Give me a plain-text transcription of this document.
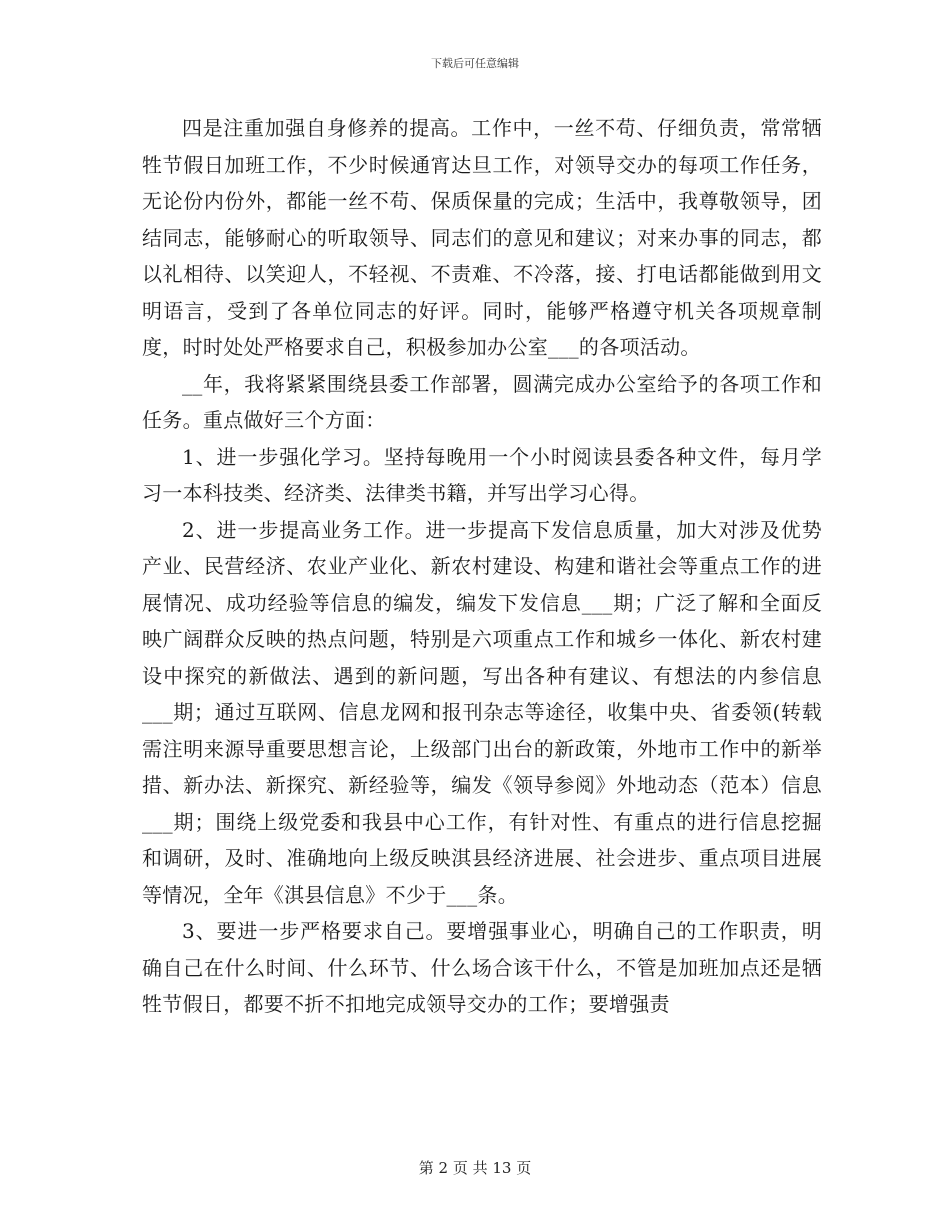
下载后可任意编辑

四是注重加强自身修养的提高。工作中，一丝不苟、仔细负责，常常牺牲节假日加班工作，不少时候通宵达旦工作，对领导交办的每项工作任务，无论份内份外，都能一丝不苟、保质保量的完成；生活中，我尊敬领导，团结同志，能够耐心的听取领导、同志们的意见和建议；对来办事的同志，都以礼相待、以笑迎人，不轻视、不责难、不冷落，接、打电话都能做到用文明语言，受到了各单位同志的好评。同时，能够严格遵守机关各项规章制度，时时处处严格要求自己，积极参加办公室___的各项活动。

__年，我将紧紧围绕县委工作部署，圆满完成办公室给予的各项工作和任务。重点做好三个方面：

1、进一步强化学习。坚持每晚用一个小时阅读县委各种文件，每月学习一本科技类、经济类、法律类书籍，并写出学习心得。

2、进一步提高业务工作。进一步提高下发信息质量，加大对涉及优势产业、民营经济、农业产业化、新农村建设、构建和谐社会等重点工作的进展情况、成功经验等信息的编发，编发下发信息___期；广泛了解和全面反映广阔群众反映的热点问题，特别是六项重点工作和城乡一体化、新农村建设中探究的新做法、遇到的新问题，写出各种有建议、有想法的内参信息___期；通过互联网、信息龙网和报刊杂志等途径，收集中央、省委领(转载需注明来源导重要思想言论，上级部门出台的新政策，外地市工作中的新举措、新办法、新探究、新经验等，编发《领导参阅》外地动态（范本）信息___期；围绕上级党委和我县中心工作，有针对性、有重点的进行信息挖掘和调研，及时、准确地向上级反映淇县经济进展、社会进步、重点项目进展等情况，全年《淇县信息》不少于___条。

3、要进一步严格要求自己。要增强事业心，明确自己的工作职责，明确自己在什么时间、什么环节、什么场合该干什么，不管是加班加点还是牺牲节假日，都要不折不扣地完成领导交办的工作；要增强责

第 2 页 共 13 页
